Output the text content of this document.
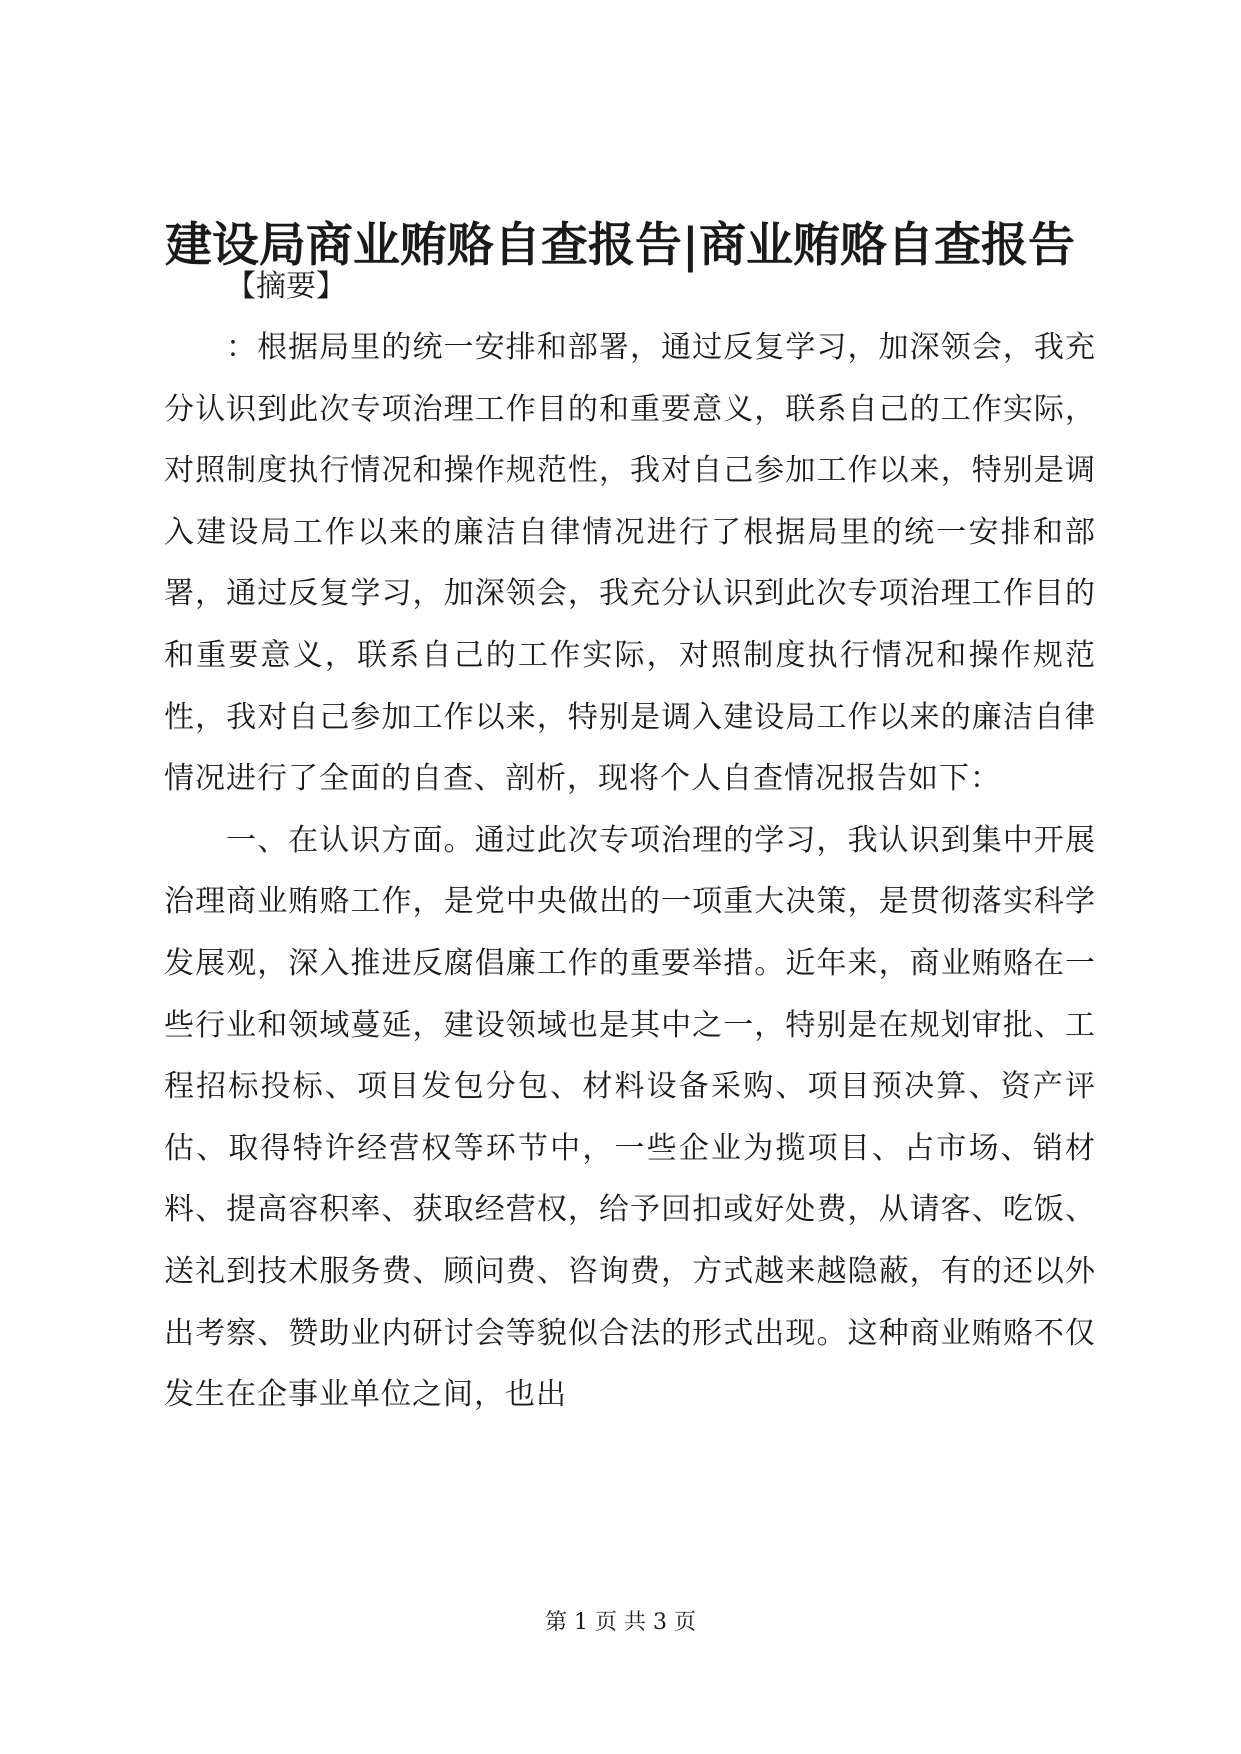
建设局商业贿赂自查报告|商业贿赂自查报告
【摘要】

：根据局里的统一安排和部署，通过反复学习，加深领会，我充分认识到此次专项治理工作目的和重要意义，联系自己的工作实际，对照制度执行情况和操作规范性，我对自己参加工作以来，特别是调入建设局工作以来的廉洁自律情况进行了根据局里的统一安排和部署，通过反复学习，加深领会，我充分认识到此次专项治理工作目的和重要意义，联系自己的工作实际，对照制度执行情况和操作规范性，我对自己参加工作以来，特别是调入建设局工作以来的廉洁自律情况进行了全面的自查、剖析，现将个人自查情况报告如下：

一、在认识方面。通过此次专项治理的学习，我认识到集中开展治理商业贿赂工作，是党中央做出的一项重大决策，是贯彻落实科学发展观，深入推进反腐倡廉工作的重要举措。近年来，商业贿赂在一些行业和领域蔓延，建设领域也是其中之一，特别是在规划审批、工程招标投标、项目发包分包、材料设备采购、项目预决算、资产评估、取得特许经营权等环节中，一些企业为揽项目、占市场、销材料、提高容积率、获取经营权，给予回扣或好处费，从请客、吃饭、送礼到技术服务费、顾问费、咨询费，方式越来越隐蔽，有的还以外出考察、赞助业内研讨会等貌似合法的形式出现。这种商业贿赂不仅发生在企事业单位之间，也出

第 1 页 共 3 页
